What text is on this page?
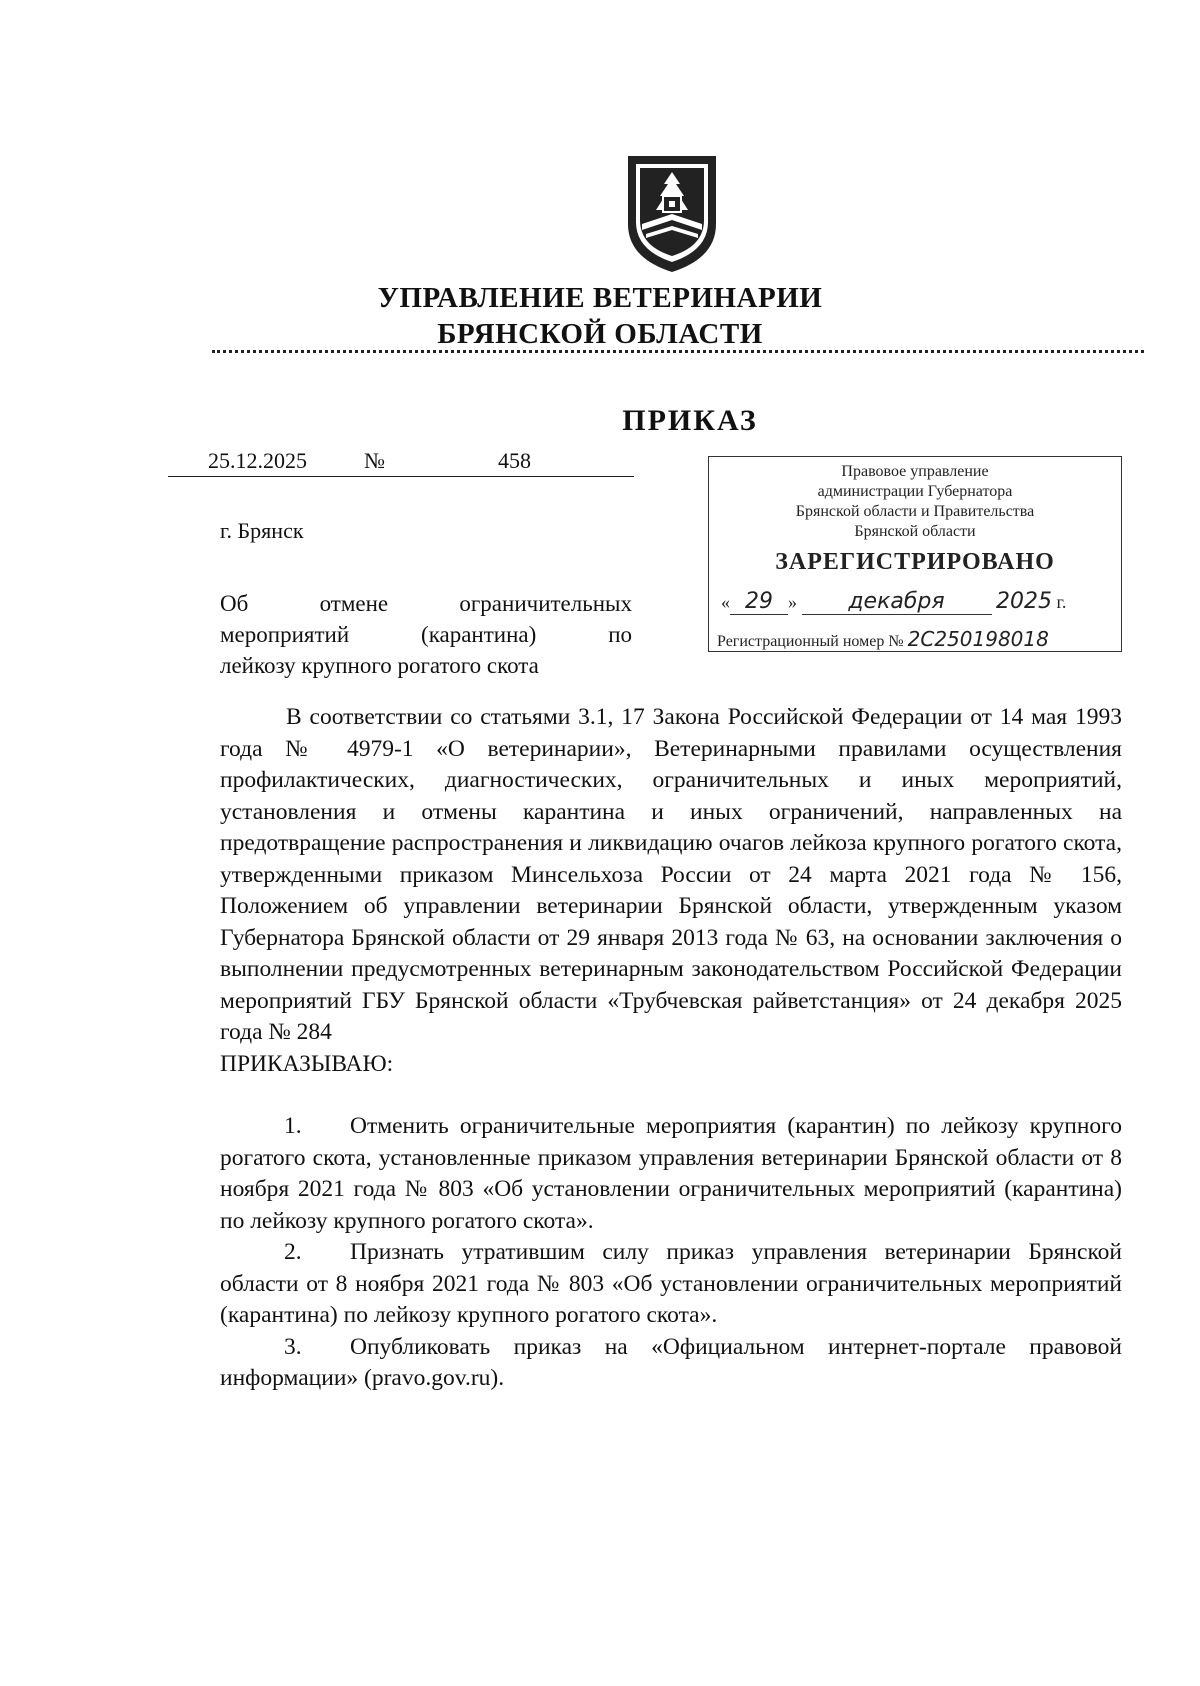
УПРАВЛЕНИЕ ВЕТЕРИНАРИИ
БРЯНСКОЙ ОБЛАСТИ
ПРИКАЗ
25.12.2025	№	458
г. Брянск
Об отмене ограничительных
мероприятий (карантина) по
лейкозу крупного рогатого скота
Правовое управление
администрации Губернатора
Брянской области и Правительства
Брянской области
ЗАРЕГИСТРИРОВАНО
« 29 » декабря 2025 г.
Регистрационный номер № 2C250198018

В соответствии со статьями 3.1, 17 Закона Российской Федерации от 14 мая 1993 года № 4979-1 «О ветеринарии», Ветеринарными правилами осуществления профилактических, диагностических, ограничительных и иных мероприятий, установления и отмены карантина и иных ограничений, направленных на предотвращение распространения и ликвидацию очагов лейкоза крупного рогатого скота, утвержденными приказом Минсельхоза России от 24 марта 2021 года № 156, Положением об управлении ветеринарии Брянской области, утвержденным указом Губернатора Брянской области от 29 января 2013 года № 63, на основании заключения о выполнении предусмотренных ветеринарным законодательством Российской Федерации мероприятий ГБУ Брянской области «Трубчевская райветстанция» от 24 декабря 2025 года № 284

ПРИКАЗЫВАЮ:

1. Отменить ограничительные мероприятия (карантин) по лейкозу крупного рогатого скота, установленные приказом управления ветеринарии Брянской области от 8 ноября 2021 года № 803 «Об установлении ограничительных мероприятий (карантина) по лейкозу крупного рогатого скота».

2. Признать утратившим силу приказ управления ветеринарии Брянской области от 8 ноября 2021 года № 803 «Об установлении ограничительных мероприятий (карантина) по лейкозу крупного рогатого скота».

3. Опубликовать приказ на «Официальном интернет-портале правовой информации» (pravo.gov.ru).
